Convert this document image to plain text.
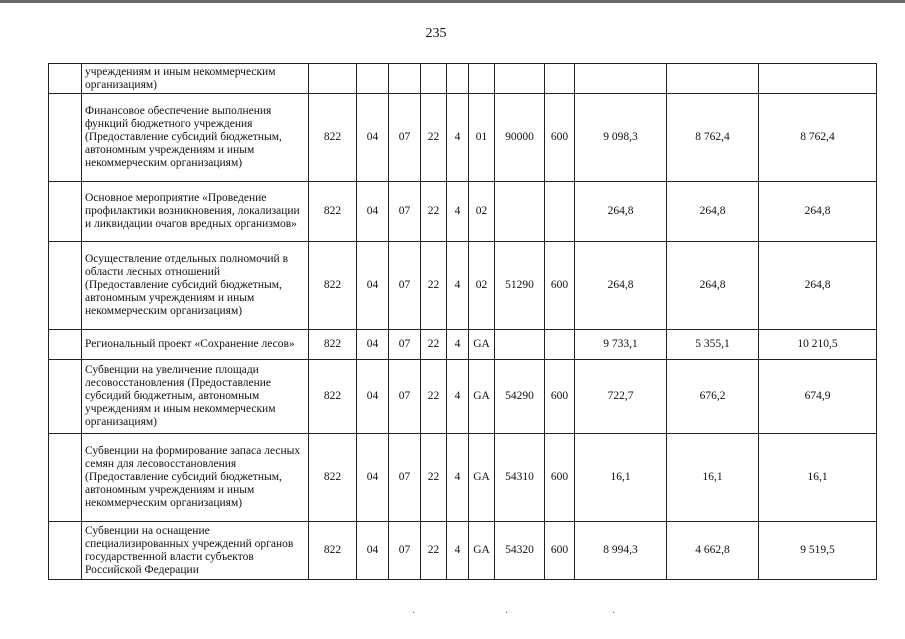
235
	учреждениям и иным некоммерческим организациям)											
	Финансовое обеспечение выполнения функций бюджетного учреждения (Предоставление субсидий бюджетным, автономным учреждениям и иным некоммерческим организациям)	822	04	07	22	4	01	90000	600	9 098,3	8 762,4	8 762,4
	Основное мероприятие «Проведение профилактики возникновения, локализации и ликвидации очагов вредных организмов»	822	04	07	22	4	02			264,8	264,8	264,8
	Осуществление отдельных полномочий в области лесных отношений (Предоставление субсидий бюджетным, автономным учреждениям и иным некоммерческим организациям)	822	04	07	22	4	02	51290	600	264,8	264,8	264,8
	Региональный проект «Сохранение лесов»	822	04	07	22	4	GA			9 733,1	5 355,1	10 210,5
	Субвенции на увеличение площади лесовосстановления (Предоставление субсидий бюджетным, автономным учреждениям и иным некоммерческим организациям)	822	04	07	22	4	GA	54290	600	722,7	676,2	674,9
	Субвенции на формирование запаса лесных семян для лесовосстановления (Предоставление субсидий бюджетным, автономным учреждениям и иным некоммерческим организациям)	822	04	07	22	4	GA	54310	600	16,1	16,1	16,1
	Субвенции на оснащение специализированных учреждений органов государственной власти субъектов Российской Федерации	822	04	07	22	4	GA	54320	600	8 994,3	4 662,8	9 519,5
·	·	·
